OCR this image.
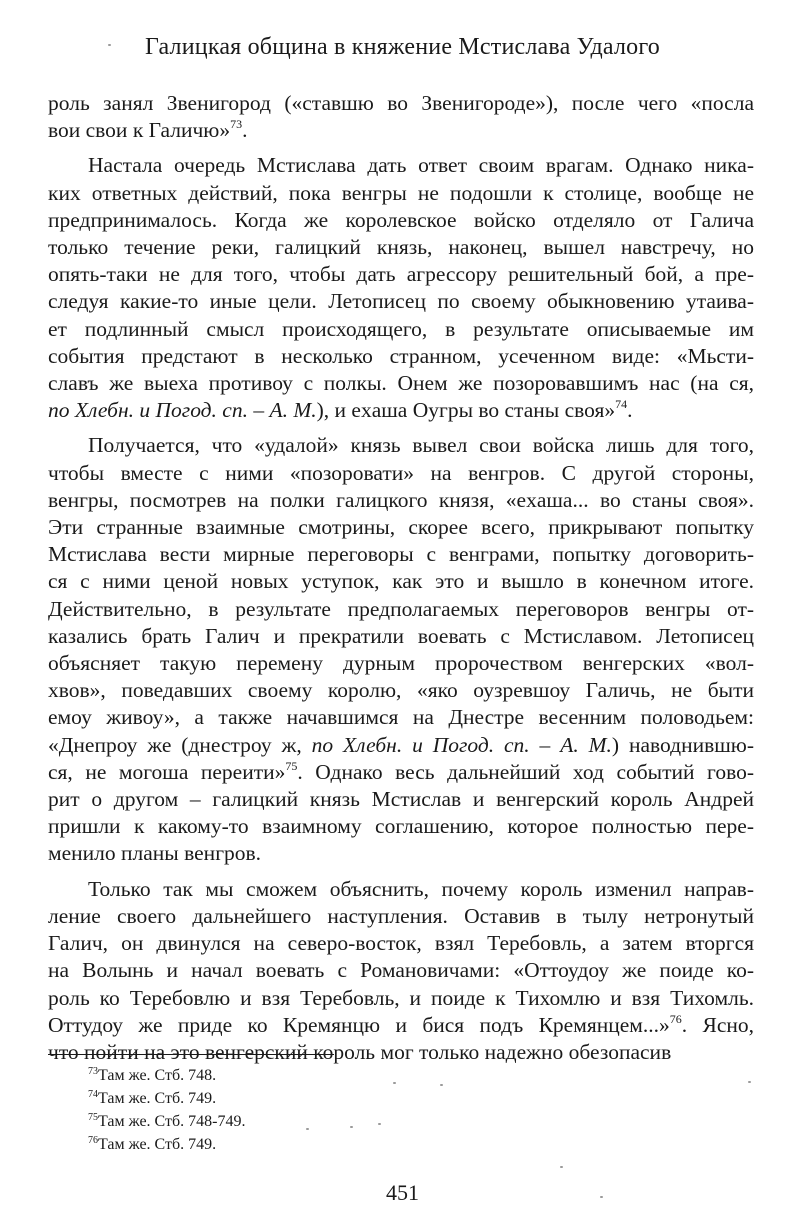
Галицкая община в княжение Мстислава Удалого
роль занял Звенигород («ставшю во Звенигороде»), после чего «посла
вои свои к Галичю»$^{73}$.
Настала очередь Мстислава дать ответ своим врагам. Однако ника-
ких ответных действий, пока венгры не подошли к столице, вообще не
предпринималось. Когда же королевское войско отделяло от Галича
только течение реки, галицкий князь, наконец, вышел навстречу, но
опять-таки не для того, чтобы дать агрессору решительный бой, а пре-
следуя какие-то иные цели. Летописец по своему обыкновению утаива-
ет подлинный смысл происходящего, в результате описываемые им
события предстают в несколько странном, усеченном виде: «Мьсти-
славъ же выеха противоу с полкы. Онем же позоровавшимъ нас (на ся,
по Хлебн. и Погод. сп. – А. М.), и exaша Оугры во станы своя»$^{74}$.
Получается, что «удалой» князь вывел свои войска лишь для того,
чтобы вместе с ними «позоровати» на венгров. С другой стороны,
венгры, посмотрев на полки галицкого князя, «exaша... во станы своя».
Эти странные взаимные смотрины, скорее всего, прикрывают попытку
Мстислава вести мирные переговоры с венграми, попытку договорить-
ся с ними ценой новых уступок, как это и вышло в конечном итоге.
Действительно, в результате предполагаемых переговоров венгры от-
казались брать Галич и прекратили воевать с Мстиславом. Летописец
объясняет такую перемену дурным пророчеством венгерских «вол-
хвов», поведавших своему королю, «яко оузревшоу Галичь, не быти
емоу живоу», а также начавшимся на Днестре весенним половодьем:
«Днепроу же (днестроу ж, по Хлебн. и Погод. сп. – А. М.) наводнившю-
ся, не могоша переити»$^{75}$. Однако весь дальнейший ход событий гово-
рит о другом – галицкий князь Мстислав и венгерский король Андрей
пришли к какому-то взаимному соглашению, которое полностью пере-
менило планы венгров.
Только так мы сможем объяснить, почему король изменил направ-
ление своего дальнейшего наступления. Оставив в тылу нетронутый
Галич, он двинулся на северо-восток, взял Теребовль, а затем вторгся
на Волынь и начал воевать с Романовичами: «Оттоудоу же поиде ко-
роль ко Теребовлю и взя Теребовль, и поиде к Тихомлю и взя Тихомль.
Оттудоу же приде ко Кремянцю и бися подъ Кремянцем...»$^{76}$. Ясно,
что пойти на это венгерский король мог только надежно обезопасив
$^{73}$Там же. Стб. 748.
$^{74}$Там же. Стб. 749.
$^{75}$Там же. Стб. 748-749.
$^{76}$Там же. Стб. 749.
451
